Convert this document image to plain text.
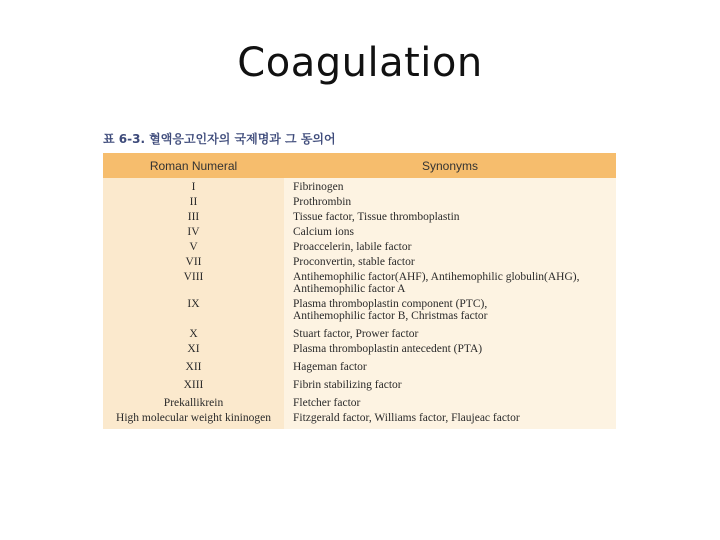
Coagulation
표 6-3. 혈액응고인자의 국제명과 그 동의어
Roman Numeral	Synonyms
I	Fibrinogen

II	Prothrombin

III	Tissue factor, Tissue thromboplastin

IV	Calcium ions

V	Proaccelerin, labile factor

VII	Proconvertin, stable factor

VIII	Antihemophilic factor(AHF), Antihemophilic globulin(AHG),
Antihemophilic factor A

IX	Plasma thromboplastin component (PTC),
Antihemophilic factor B, Christmas factor

X	Stuart factor, Prower factor

XI	Plasma thromboplastin antecedent (PTA)

XII	Hageman factor

XIII	Fibrin stabilizing factor

Prekallikrein	Fletcher factor

High molecular weight kininogen	Fitzgerald factor, Williams factor, Flaujeac factor
